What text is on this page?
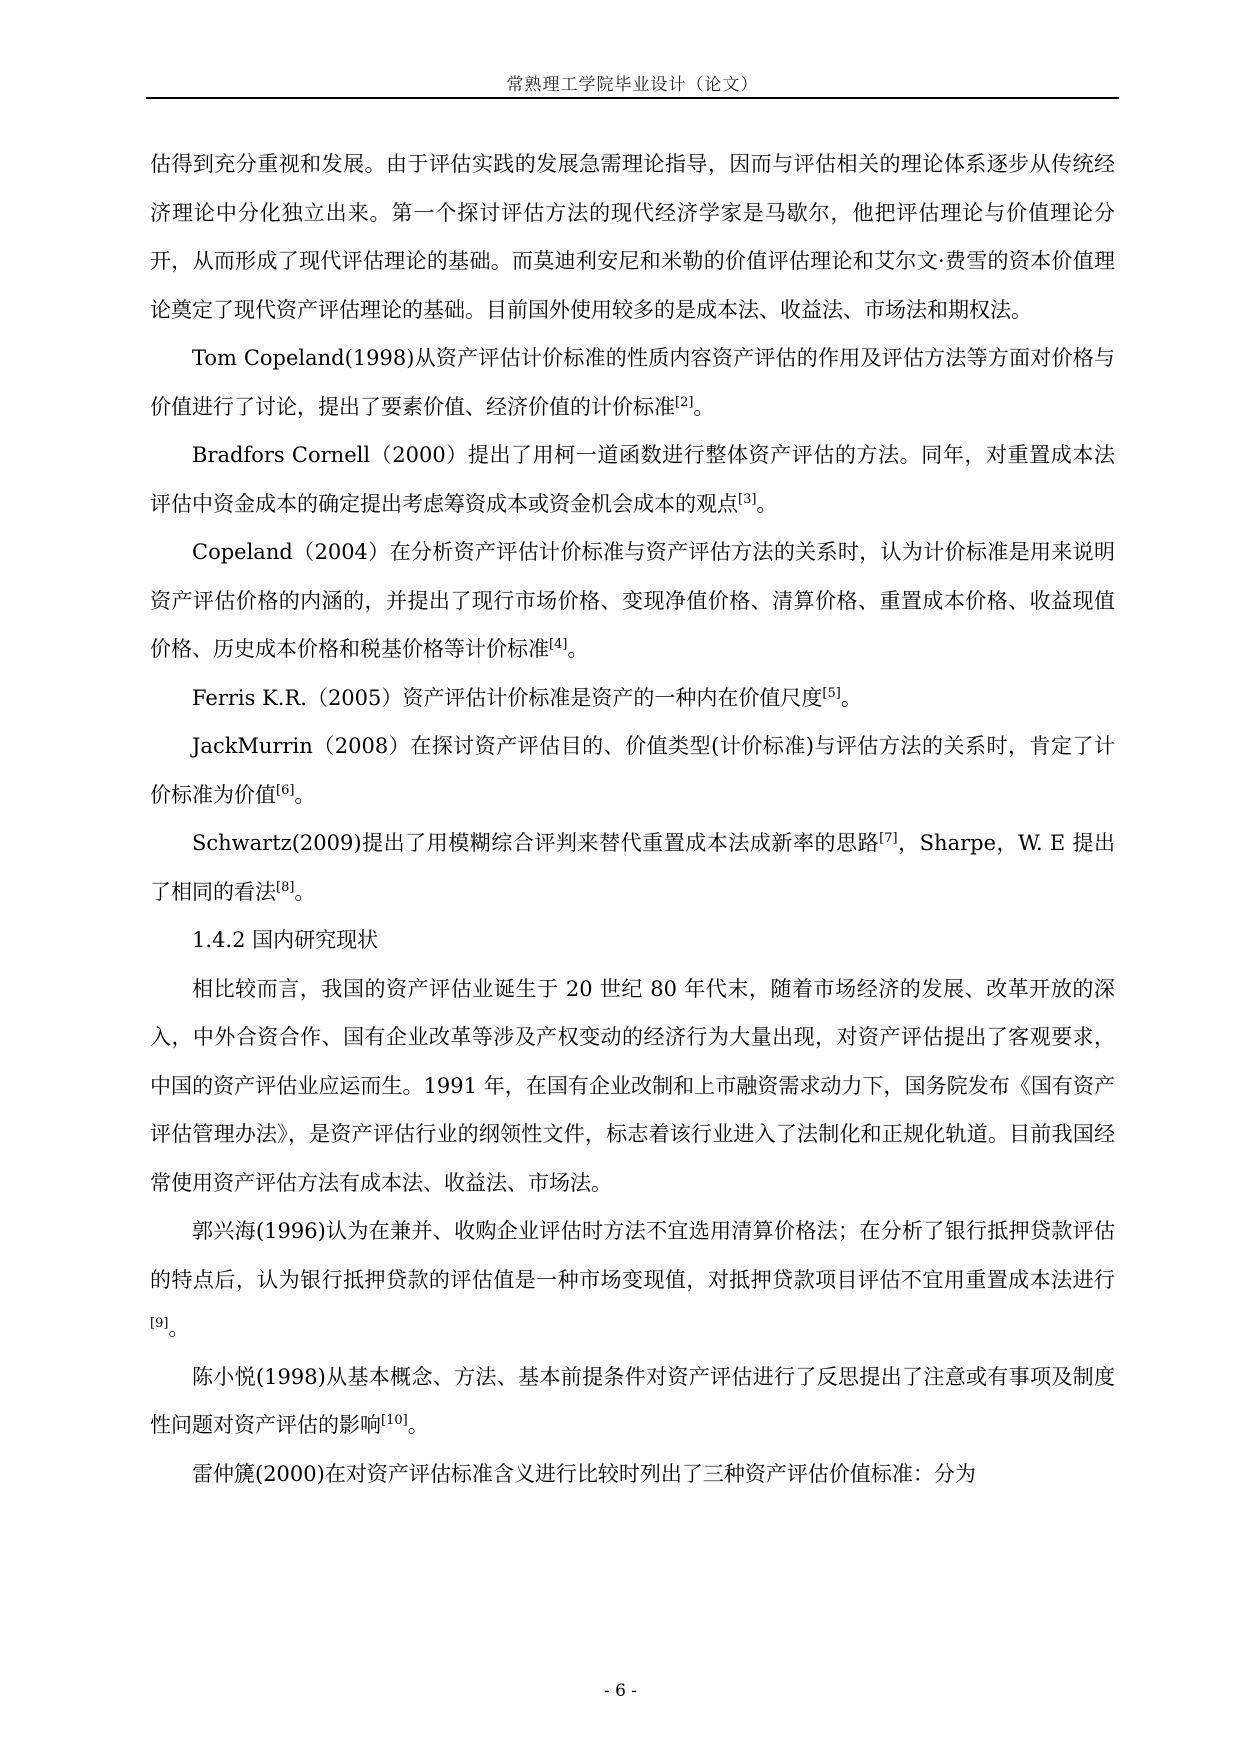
常熟理工学院毕业设计（论文）

估得到充分重视和发展。由于评估实践的发展急需理论指导，因而与评估相关的理论体系逐步从传统经济理论中分化独立出来。第一个探讨评估方法的现代经济学家是马歇尔，他把评估理论与价值理论分开，从而形成了现代评估理论的基础。而莫迪利安尼和米勒的价值评估理论和艾尔文·费雪的资本价值理论奠定了现代资产评估理论的基础。目前国外使用较多的是成本法、收益法、市场法和期权法。

Tom Copeland(1998)从资产评估计价标准的性质内容资产评估的作用及评估方法等方面对价格与价值进行了讨论，提出了要素价值、经济价值的计价标准[2]。

Bradfors Cornell（2000）提出了用柯一道函数进行整体资产评估的方法。同年，对重置成本法评估中资金成本的确定提出考虑筹资成本或资金机会成本的观点[3]。

Copeland（2004）在分析资产评估计价标准与资产评估方法的关系时，认为计价标准是用来说明资产评估价格的内涵的，并提出了现行市场价格、变现净值价格、清算价格、重置成本价格、收益现值价格、历史成本价格和税基价格等计价标准[4]。

Ferris K.R.（2005）资产评估计价标准是资产的一种内在价值尺度[5]。

JackMurrin（2008）在探讨资产评估目的、价值类型(计价标准)与评估方法的关系时，肯定了计价标准为价值[6]。

Schwartz(2009)提出了用模糊综合评判来替代重置成本法成新率的思路[7]，Sharpe，W. E 提出了相同的看法[8]。

1.4.2 国内研究现状

相比较而言，我国的资产评估业诞生于 20 世纪 80 年代末，随着市场经济的发展、改革开放的深入，中外合资合作、国有企业改革等涉及产权变动的经济行为大量出现，对资产评估提出了客观要求，中国的资产评估业应运而生。1991 年，在国有企业改制和上市融资需求动力下，国务院发布《国有资产评估管理办法》，是资产评估行业的纲领性文件，标志着该行业进入了法制化和正规化轨道。目前我国经常使用资产评估方法有成本法、收益法、市场法。

郭兴海(1996)认为在兼并、收购企业评估时方法不宜选用清算价格法；在分析了银行抵押贷款评估的特点后，认为银行抵押贷款的评估值是一种市场变现值，对抵押贷款项目评估不宜用重置成本法进行[9]。

陈小悦(1998)从基本概念、方法、基本前提条件对资产评估进行了反思提出了注意或有事项及制度性问题对资产评估的影响[10]。

雷仲篪(2000)在对资产评估标准含义进行比较时列出了三种资产评估价值标准：分为

- 6 -
